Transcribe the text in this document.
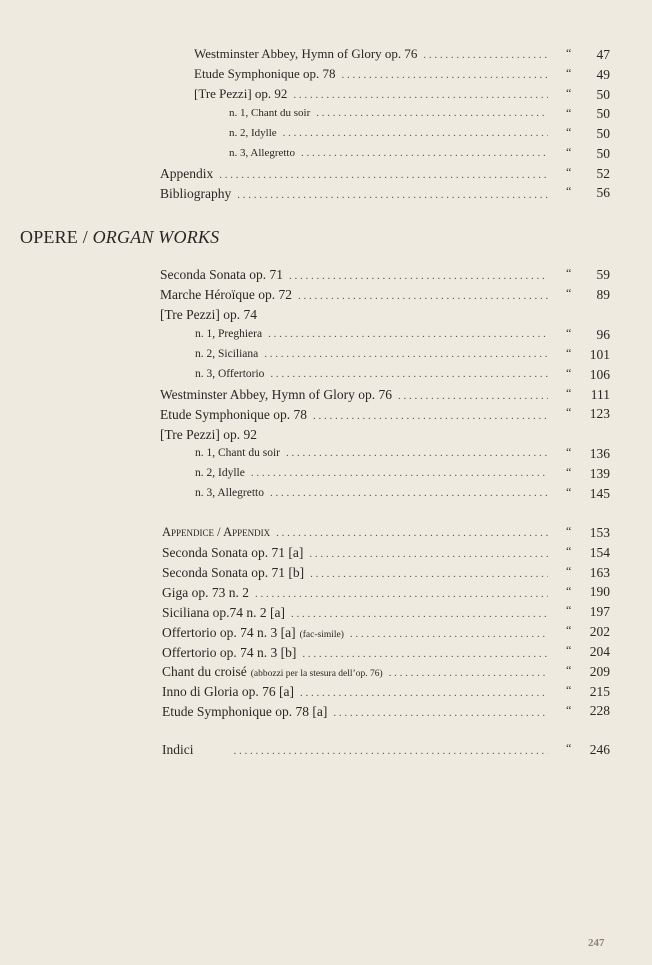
Westminster Abbey, Hymn of Glory op. 76 . . .	“	47
Etude Symphonique op. 78 . . .	“	49
[Tre Pezzi] op. 92 . . .	“	50
n. 1, Chant du soir . . .	“	50
n. 2, Idylle . . .	“	50
n. 3, Allegretto . . .	“	50
Appendix . . .	“	52
Bibliography . . .	“	56
OPERE / ORGAN WORKS
Seconda Sonata op. 71 . . .	“	59
Marche Héroïque op. 72 . . .	“	89
[Tre Pezzi] op. 74
n. 1, Preghiera . . .	“	96
n. 2, Siciliana . . .	“	101
n. 3, Offertorio . . .	“	106
Westminster Abbey, Hymn of Glory op. 76 . . .	“	111
Etude Symphonique op. 78 . . .	“	123
[Tre Pezzi] op. 92
n. 1, Chant du soir . . .	“	136
n. 2, Idylle . . .	“	139
n. 3, Allegretto . . .	“	145
Appendice / Appendix . . .	“	153
Seconda Sonata op. 71 [a] . . .	“	154
Seconda Sonata op. 71 [b] . . .	“	163
Giga op. 73 n. 2 . . .	“	190
Siciliana op.74 n. 2 [a] . . .	“	197
Offertorio op. 74 n. 3 [a] (fac-simile) . . .	“	202
Offertorio op. 74 n. 3 [b] . . .	“	204
Chant du croisé (abbozzi per la stesura dell’op. 76) . . .	“	209
Inno di Gloria op. 76 [a] . . .	“	215
Etude Symphonique op. 78 [a] . . .	“	228
Indici . . .	“	246
247
